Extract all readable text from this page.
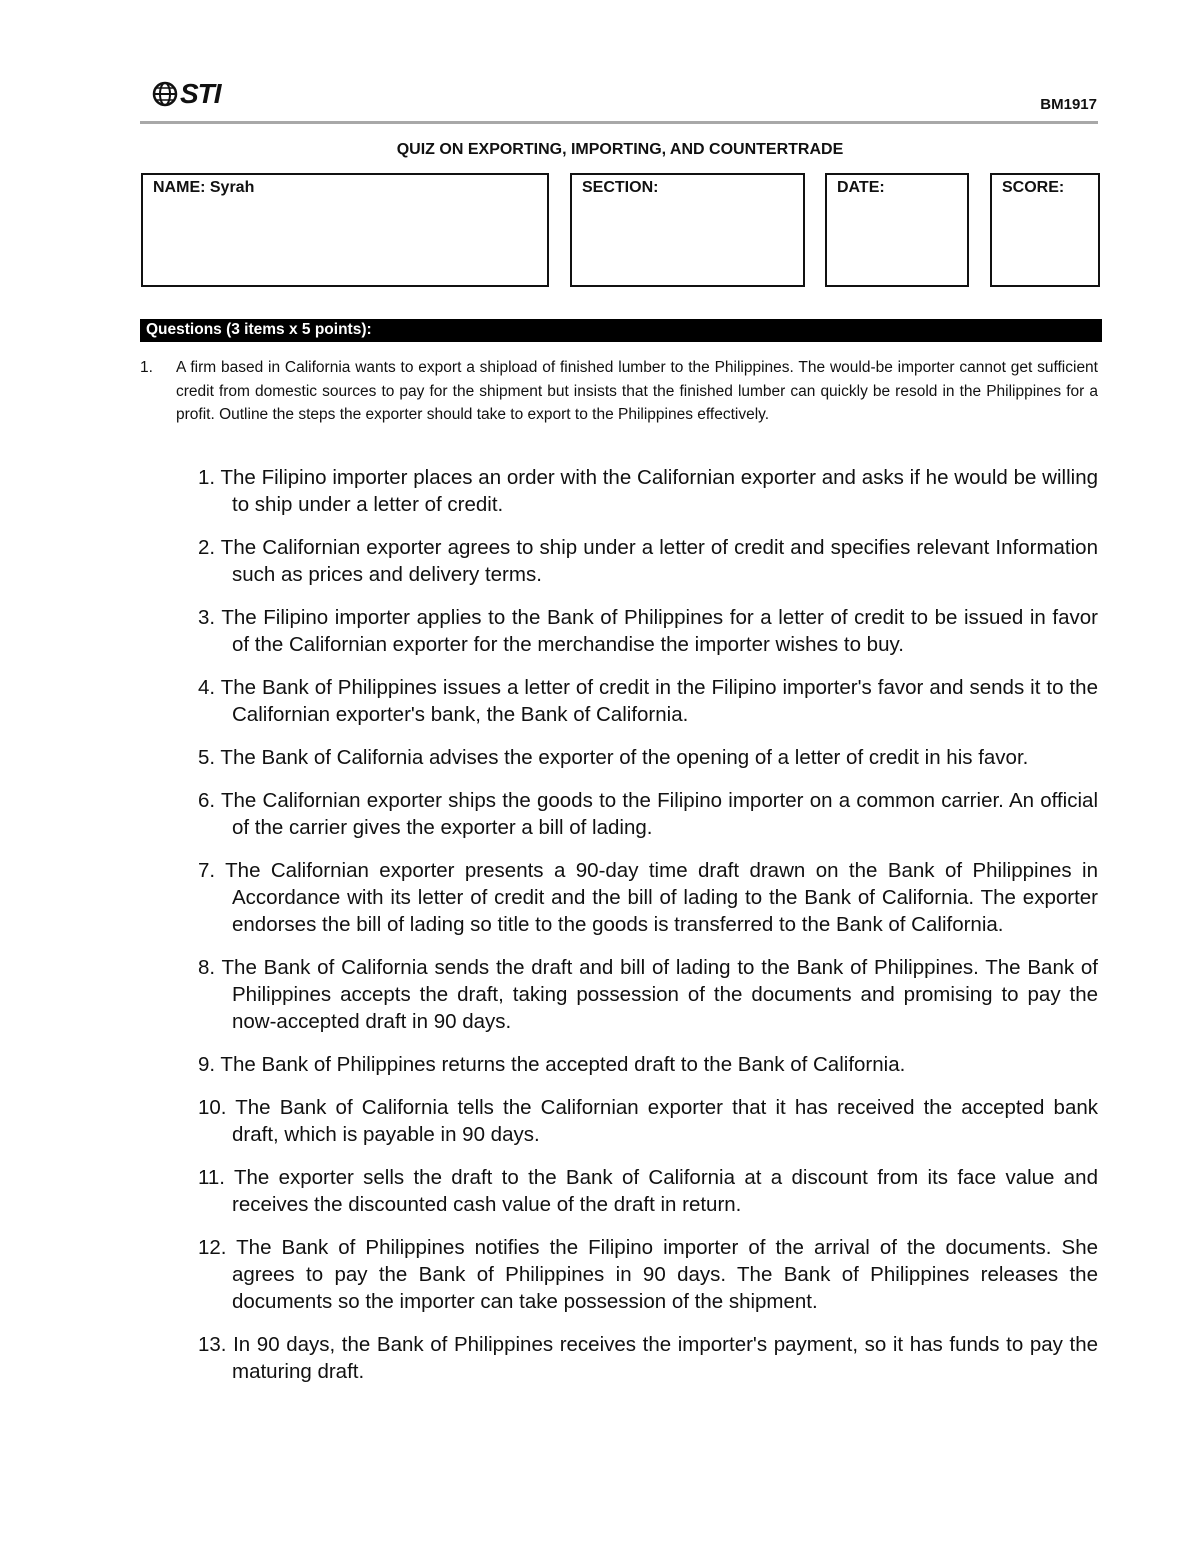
STI	BM1917
QUIZ ON EXPORTING, IMPORTING, AND COUNTERTRADE
NAME: Syrah	SECTION:	DATE:	SCORE:
Questions (3 items x 5 points):
1. A firm based in California wants to export a shipload of finished lumber to the Philippines. The would-be importer cannot get sufficient credit from domestic sources to pay for the shipment but insists that the finished lumber can quickly be resold in the Philippines for a profit. Outline the steps the exporter should take to export to the Philippines effectively.
1. The Filipino importer places an order with the Californian exporter and asks if he would be willing to ship under a letter of credit.
2. The Californian exporter agrees to ship under a letter of credit and specifies relevant Information such as prices and delivery terms.
3. The Filipino importer applies to the Bank of Philippines for a letter of credit to be issued in favor of the Californian exporter for the merchandise the importer wishes to buy.
4. The Bank of Philippines issues a letter of credit in the Filipino importer's favor and sends it to the Californian exporter's bank, the Bank of California.
5. The Bank of California advises the exporter of the opening of a letter of credit in his favor.
6. The Californian exporter ships the goods to the Filipino importer on a common carrier. An official of the carrier gives the exporter a bill of lading.
7. The Californian exporter presents a 90-day time draft drawn on the Bank of Philippines in Accordance with its letter of credit and the bill of lading to the Bank of California. The exporter endorses the bill of lading so title to the goods is transferred to the Bank of California.
8. The Bank of California sends the draft and bill of lading to the Bank of Philippines. The Bank of Philippines accepts the draft, taking possession of the documents and promising to pay the now-accepted draft in 90 days.
9. The Bank of Philippines returns the accepted draft to the Bank of California.
10. The Bank of California tells the Californian exporter that it has received the accepted bank draft, which is payable in 90 days.
11. The exporter sells the draft to the Bank of California at a discount from its face value and receives the discounted cash value of the draft in return.
12. The Bank of Philippines notifies the Filipino importer of the arrival of the documents. She agrees to pay the Bank of Philippines in 90 days. The Bank of Philippines releases the documents so the importer can take possession of the shipment.
13. In 90 days, the Bank of Philippines receives the importer's payment, so it has funds to pay the maturing draft.
